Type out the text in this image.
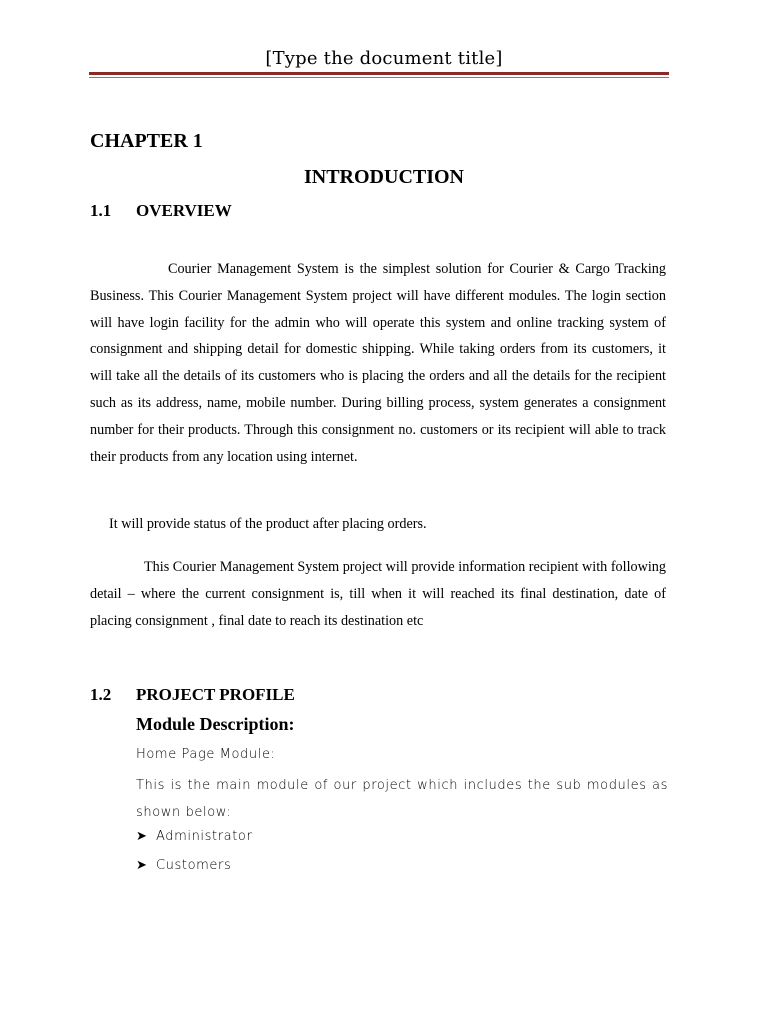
[Type the document title]
CHAPTER 1
INTRODUCTION
1.1 OVERVIEW
Courier Management System is the simplest solution for Courier & Cargo Tracking Business. This Courier Management System project will have different modules. The login section will have login facility for the admin who will operate this system and online tracking system of consignment and shipping detail for domestic shipping. While taking orders from its customers, it will take all the details of its customers who is placing the orders and all the details for the recipient such as its address, name, mobile number. During billing process, system generates a consignment number for their products. Through this consignment no. customers or its recipient will able to track their products from any location using internet.
It will provide status of the product after placing orders.
This Courier Management System project will provide information recipient with following detail – where the current consignment is, till when it will reached its final destination, date of placing consignment , final date to reach its destination etc
1.2 PROJECT PROFILE
Module Description:
Home Page Module:
This is the main module of our project which includes the sub modules as shown below:
➤ Administrator
➤ Customers
